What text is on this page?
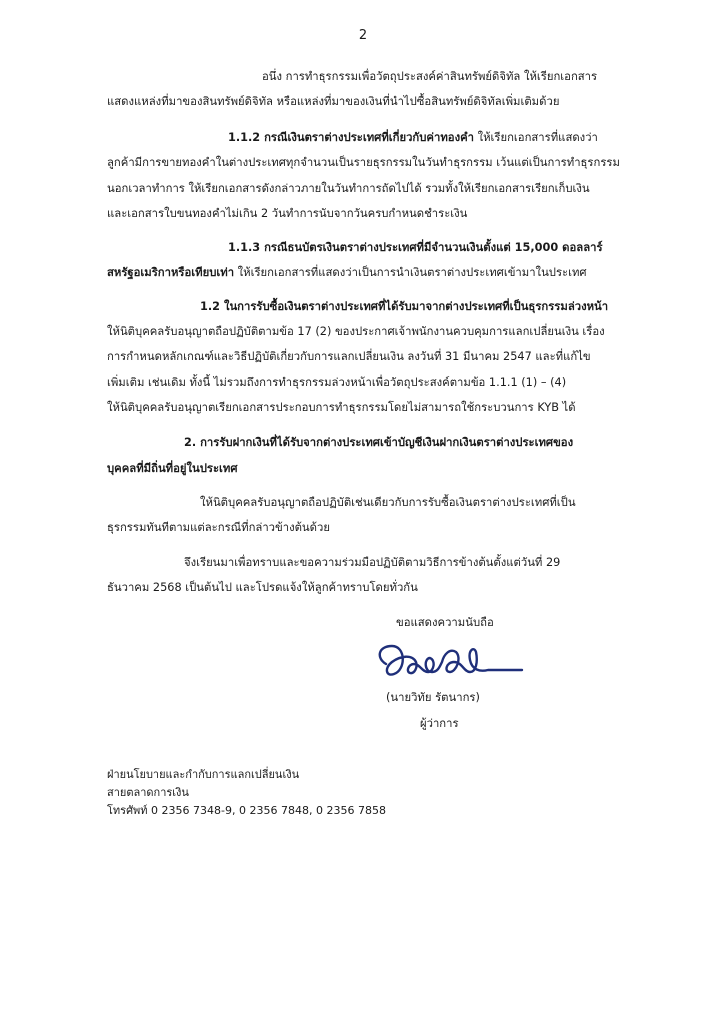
2
อนึ่ง การทำธุรกรรมเพื่อวัตถุประสงค์ค่าสินทรัพย์ดิจิทัล ให้เรียกเอกสาร
แสดงแหล่งที่มาของสินทรัพย์ดิจิทัล หรือแหล่งที่มาของเงินที่นำไปซื้อสินทรัพย์ดิจิทัลเพิ่มเติมด้วย
1.1.2 กรณีเงินตราต่างประเทศที่เกี่ยวกับค่าทองคำ ให้เรียกเอกสารที่แสดงว่า
ลูกค้ามีการขายทองคำในต่างประเทศทุกจำนวนเป็นรายธุรกรรมในวันทำธุรกรรม เว้นแต่เป็นการทำธุรกรรม
นอกเวลาทำการ ให้เรียกเอกสารดังกล่าวภายในวันทำการถัดไปได้ รวมทั้งให้เรียกเอกสารเรียกเก็บเงิน
และเอกสารใบขนทองคำไม่เกิน 2 วันทำการนับจากวันครบกำหนดชำระเงิน
1.1.3 กรณีธนบัตรเงินตราต่างประเทศที่มีจำนวนเงินตั้งแต่ 15,000 ดอลลาร์
สหรัฐอเมริกาหรือเทียบเท่า ให้เรียกเอกสารที่แสดงว่าเป็นการนำเงินตราต่างประเทศเข้ามาในประเทศ
1.2 ในการรับซื้อเงินตราต่างประเทศที่ได้รับมาจากต่างประเทศที่เป็นธุรกรรมล่วงหน้า
ให้นิติบุคคลรับอนุญาตถือปฏิบัติตามข้อ 17 (2) ของประกาศเจ้าพนักงานควบคุมการแลกเปลี่ยนเงิน เรื่อง
การกำหนดหลักเกณฑ์และวิธีปฏิบัติเกี่ยวกับการแลกเปลี่ยนเงิน ลงวันที่ 31 มีนาคม 2547 และที่แก้ไข
เพิ่มเติม เช่นเดิม ทั้งนี้ ไม่รวมถึงการทำธุรกรรมล่วงหน้าเพื่อวัตถุประสงค์ตามข้อ 1.1.1 (1) – (4)
ให้นิติบุคคลรับอนุญาตเรียกเอกสารประกอบการทำธุรกรรมโดยไม่สามารถใช้กระบวนการ KYB ได้
2. การรับฝากเงินที่ได้รับจากต่างประเทศเข้าบัญชีเงินฝากเงินตราต่างประเทศของ
บุคคลที่มีถิ่นที่อยู่ในประเทศ
ให้นิติบุคคลรับอนุญาตถือปฏิบัติเช่นเดียวกับการรับซื้อเงินตราต่างประเทศที่เป็น
ธุรกรรมทันทีตามแต่ละกรณีที่กล่าวข้างต้นด้วย
จึงเรียนมาเพื่อทราบและขอความร่วมมือปฏิบัติตามวิธีการข้างต้นตั้งแต่วันที่ 29
ธันวาคม 2568 เป็นต้นไป และโปรดแจ้งให้ลูกค้าทราบโดยทั่วกัน
ขอแสดงความนับถือ
(นายวิทัย รัตนากร)
ผู้ว่าการ
ฝ่ายนโยบายและกำกับการแลกเปลี่ยนเงิน
สายตลาดการเงิน
โทรศัพท์ 0 2356 7348-9, 0 2356 7848, 0 2356 7858
